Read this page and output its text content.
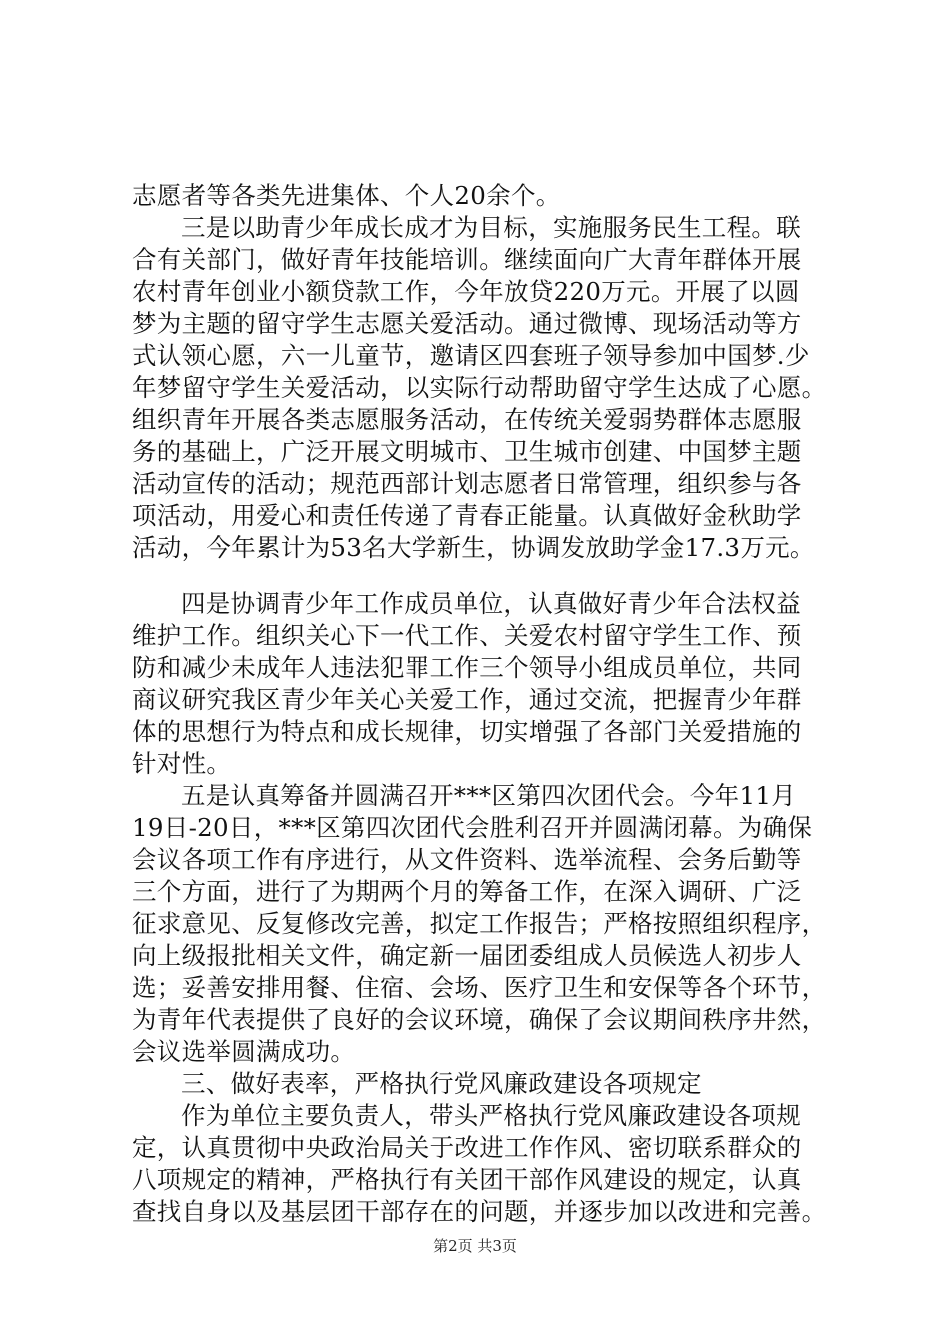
志愿者等各类先进集体、个人20余个。
三是以助青少年成长成才为目标，实施服务民生工程。联
合有关部门，做好青年技能培训。继续面向广大青年群体开展
农村青年创业小额贷款工作，今年放贷220万元。开展了以圆
梦为主题的留守学生志愿关爱活动。通过微博、现场活动等方
式认领心愿，六一儿童节，邀请区四套班子领导参加中国梦.少
年梦留守学生关爱活动，以实际行动帮助留守学生达成了心愿。
组织青年开展各类志愿服务活动，在传统关爱弱势群体志愿服
务的基础上，广泛开展文明城市、卫生城市创建、中国梦主题
活动宣传的活动；规范西部计划志愿者日常管理，组织参与各
项活动，用爱心和责任传递了青春正能量。认真做好金秋助学
活动，今年累计为53名大学新生，协调发放助学金17.3万元。
四是协调青少年工作成员单位，认真做好青少年合法权益
维护工作。组织关心下一代工作、关爱农村留守学生工作、预
防和减少未成年人违法犯罪工作三个领导小组成员单位，共同
商议研究我区青少年关心关爱工作，通过交流，把握青少年群
体的思想行为特点和成长规律，切实增强了各部门关爱措施的
针对性。
五是认真筹备并圆满召开***区第四次团代会。今年11月
19日-20日，***区第四次团代会胜利召开并圆满闭幕。为确保
会议各项工作有序进行，从文件资料、选举流程、会务后勤等
三个方面，进行了为期两个月的筹备工作，在深入调研、广泛
征求意见、反复修改完善，拟定工作报告；严格按照组织程序，
向上级报批相关文件，确定新一届团委组成人员候选人初步人
选；妥善安排用餐、住宿、会场、医疗卫生和安保等各个环节，
为青年代表提供了良好的会议环境，确保了会议期间秩序井然，
会议选举圆满成功。
三、做好表率，严格执行党风廉政建设各项规定
作为单位主要负责人，带头严格执行党风廉政建设各项规
定，认真贯彻中央政治局关于改进工作作风、密切联系群众的
八项规定的精神，严格执行有关团干部作风建设的规定，认真
查找自身以及基层团干部存在的问题，并逐步加以改进和完善。
第2页 共3页
